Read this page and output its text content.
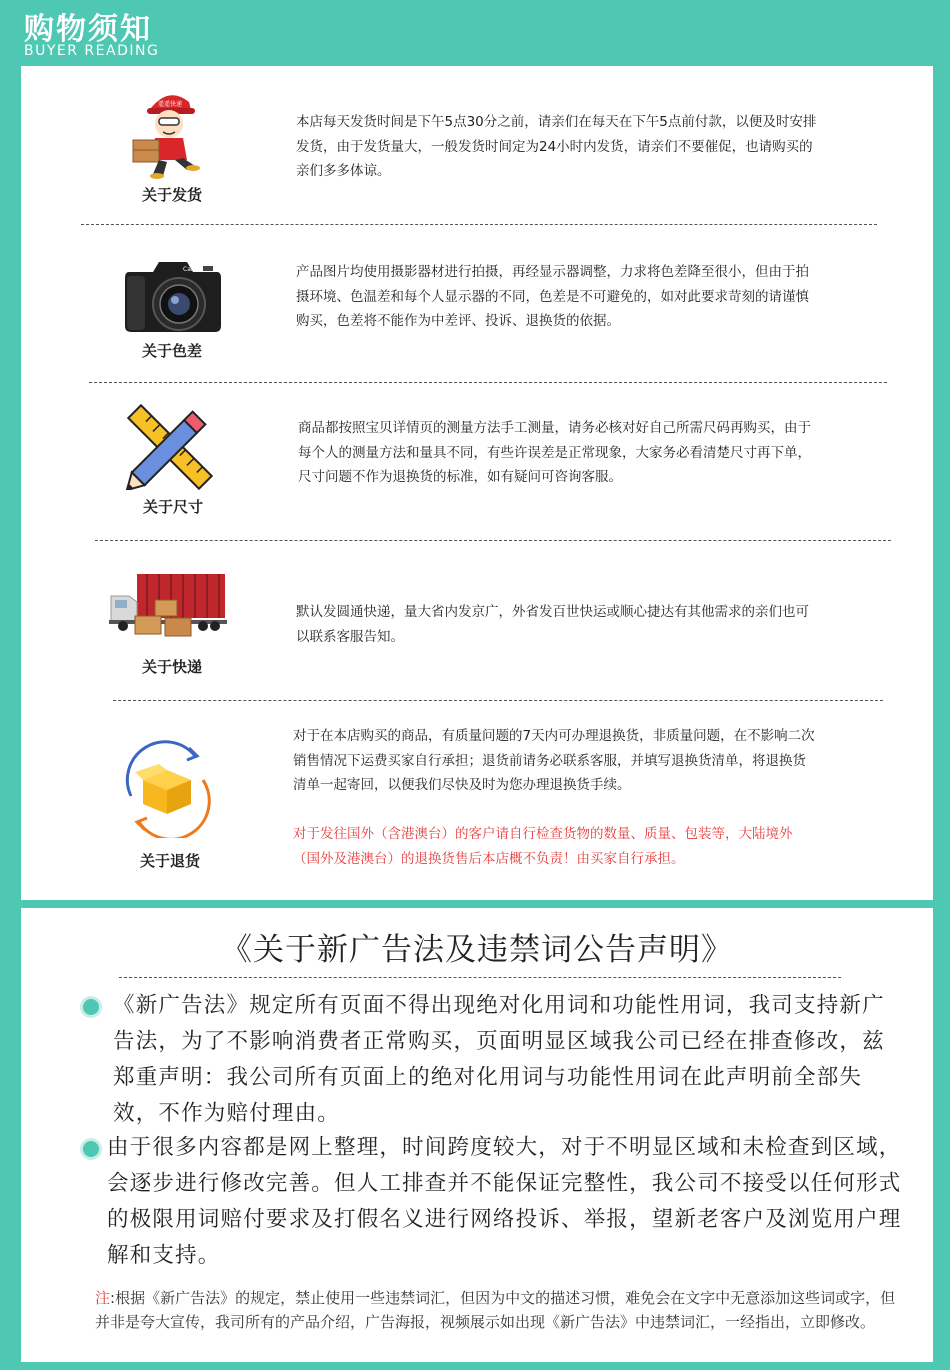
购物须知
BUYER READING
遥遥快递
关于发货
本店每天发货时间是下午5点30分之前，请亲们在每天在下午5点前付款，以便及时安排发货，由于发货量大，一般发货时间定为24小时内发货，请亲们不要催促，也请购买的亲们多多体谅。
Canon
关于色差
产品图片均使用摄影器材进行拍摄，再经显示器调整，力求将色差降至很小，但由于拍摄环境、色温差和每个人显示器的不同，色差是不可避免的，如对此要求苛刻的请谨慎购买，色差将不能作为中差评、投诉、退换货的依据。
关于尺寸
商品都按照宝贝详情页的测量方法手工测量，请务必核对好自己所需尺码再购买，由于每个人的测量方法和量具不同，有些许误差是正常现象，大家务必看清楚尺寸再下单，尺寸问题不作为退换货的标准，如有疑问可咨询客服。
关于快递
默认发圆通快递，量大省内发京广，外省发百世快运或顺心捷达有其他需求的亲们也可以联系客服告知。
关于退货
对于在本店购买的商品，有质量问题的7天内可办理退换货，非质量问题，在不影响二次销售情况下运费买家自行承担；退货前请务必联系客服，并填写退换货清单，将退换货清单一起寄回，以便我们尽快及时为您办理退换货手续。
对于发往国外（含港澳台）的客户请自行检查货物的数量、质量、包装等，大陆境外（国外及港澳台）的退换货售后本店概不负责！由买家自行承担。
《关于新广告法及违禁词公告声明》
《新广告法》规定所有页面不得出现绝对化用词和功能性用词，我司支持新广告法，为了不影响消费者正常购买，页面明显区域我公司已经在排查修改，兹郑重声明：我公司所有页面上的绝对化用词与功能性用词在此声明前全部失效，不作为赔付理由。
由于很多内容都是网上整理，时间跨度较大，对于不明显区域和未检查到区域，会逐步进行修改完善。但人工排查并不能保证完整性，我公司不接受以任何形式的极限用词赔付要求及打假名义进行网络投诉、举报，望新老客户及浏览用户理解和支持。
注:根据《新广告法》的规定，禁止使用一些违禁词汇，但因为中文的描述习惯，难免会在文字中无意添加这些词或字，但并非是夸大宣传，我司所有的产品介绍，广告海报，视频展示如出现《新广告法》中违禁词汇，一经指出，立即修改。
